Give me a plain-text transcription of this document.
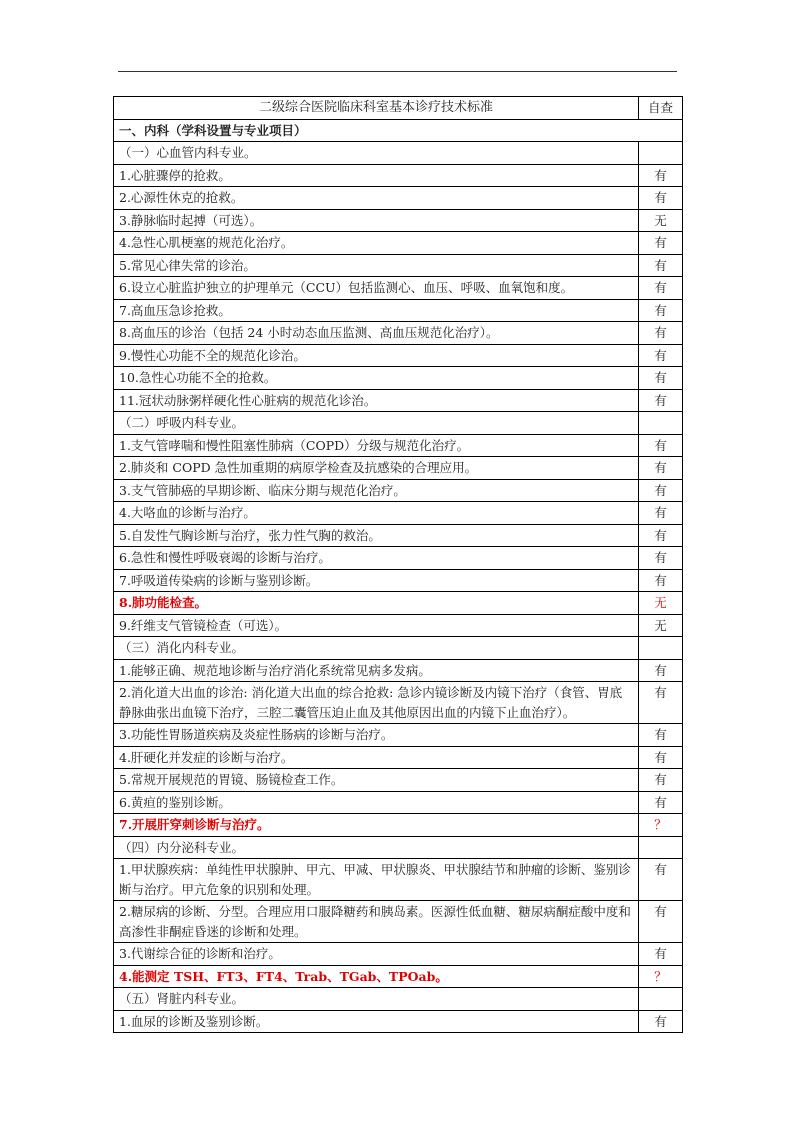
二级综合医院临床科室基本诊疗技术标准	自查
一、内科（学科设置与专业项目）	
（一）心血管内科专业。	
1.心脏骤停的抢救。	有
2.心源性休克的抢救。	有
3.静脉临时起搏（可选）。	无
4.急性心肌梗塞的规范化治疗。	有
5.常见心律失常的诊治。	有
6.设立心脏监护独立的护理单元（CCU）包括监测心、血压、呼吸、血氧饱和度。	有
7.高血压急诊抢救。	有
8.高血压的诊治（包括 24 小时动态血压监测、高血压规范化治疗）。	有
9.慢性心功能不全的规范化诊治。	有
10.急性心功能不全的抢救。	有
11.冠状动脉粥样硬化性心脏病的规范化诊治。	有
（二）呼吸内科专业。	
1.支气管哮喘和慢性阻塞性肺病（COPD）分级与规范化治疗。	有
2.肺炎和 COPD 急性加重期的病原学检查及抗感染的合理应用。	有
3.支气管肺癌的早期诊断、临床分期与规范化治疗。	有
4.大咯血的诊断与治疗。	有
5.自发性气胸诊断与治疗，张力性气胸的救治。	有
6.急性和慢性呼吸衰竭的诊断与治疗。	有
7.呼吸道传染病的诊断与鉴别诊断。	有
8.肺功能检查。	无
9.纤维支气管镜检查（可选）。	无
（三）消化内科专业。	
1.能够正确、规范地诊断与治疗消化系统常见病多发病。	有
2.消化道大出血的诊治: 消化道大出血的综合抢救: 急诊内镜诊断及内镜下治疗（食管、胃底静脉曲张出血镜下治疗，三腔二囊管压迫止血及其他原因出血的内镜下止血治疗）。	有
3.功能性胃肠道疾病及炎症性肠病的诊断与治疗。	有
4.肝硬化并发症的诊断与治疗。	有
5.常规开展规范的胃镜、肠镜检查工作。	有
6.黄疸的鉴别诊断。	有
7.开展肝穿刺诊断与治疗。	？
（四）内分泌科专业。	
1.甲状腺疾病：单纯性甲状腺肿、甲亢、甲减、甲状腺炎、甲状腺结节和肿瘤的诊断、鉴别诊断与治疗。甲亢危象的识别和处理。	有
2.糖尿病的诊断、分型。合理应用口服降糖药和胰岛素。医源性低血糖、糖尿病酮症酸中度和高渗性非酮症昏迷的诊断和处理。	有
3.代谢综合征的诊断和治疗。	有
4.能测定 TSH、FT3、FT4、Trab、TGab、TPOab。	？
（五）肾脏内科专业。	
1.血尿的诊断及鉴别诊断。	有
